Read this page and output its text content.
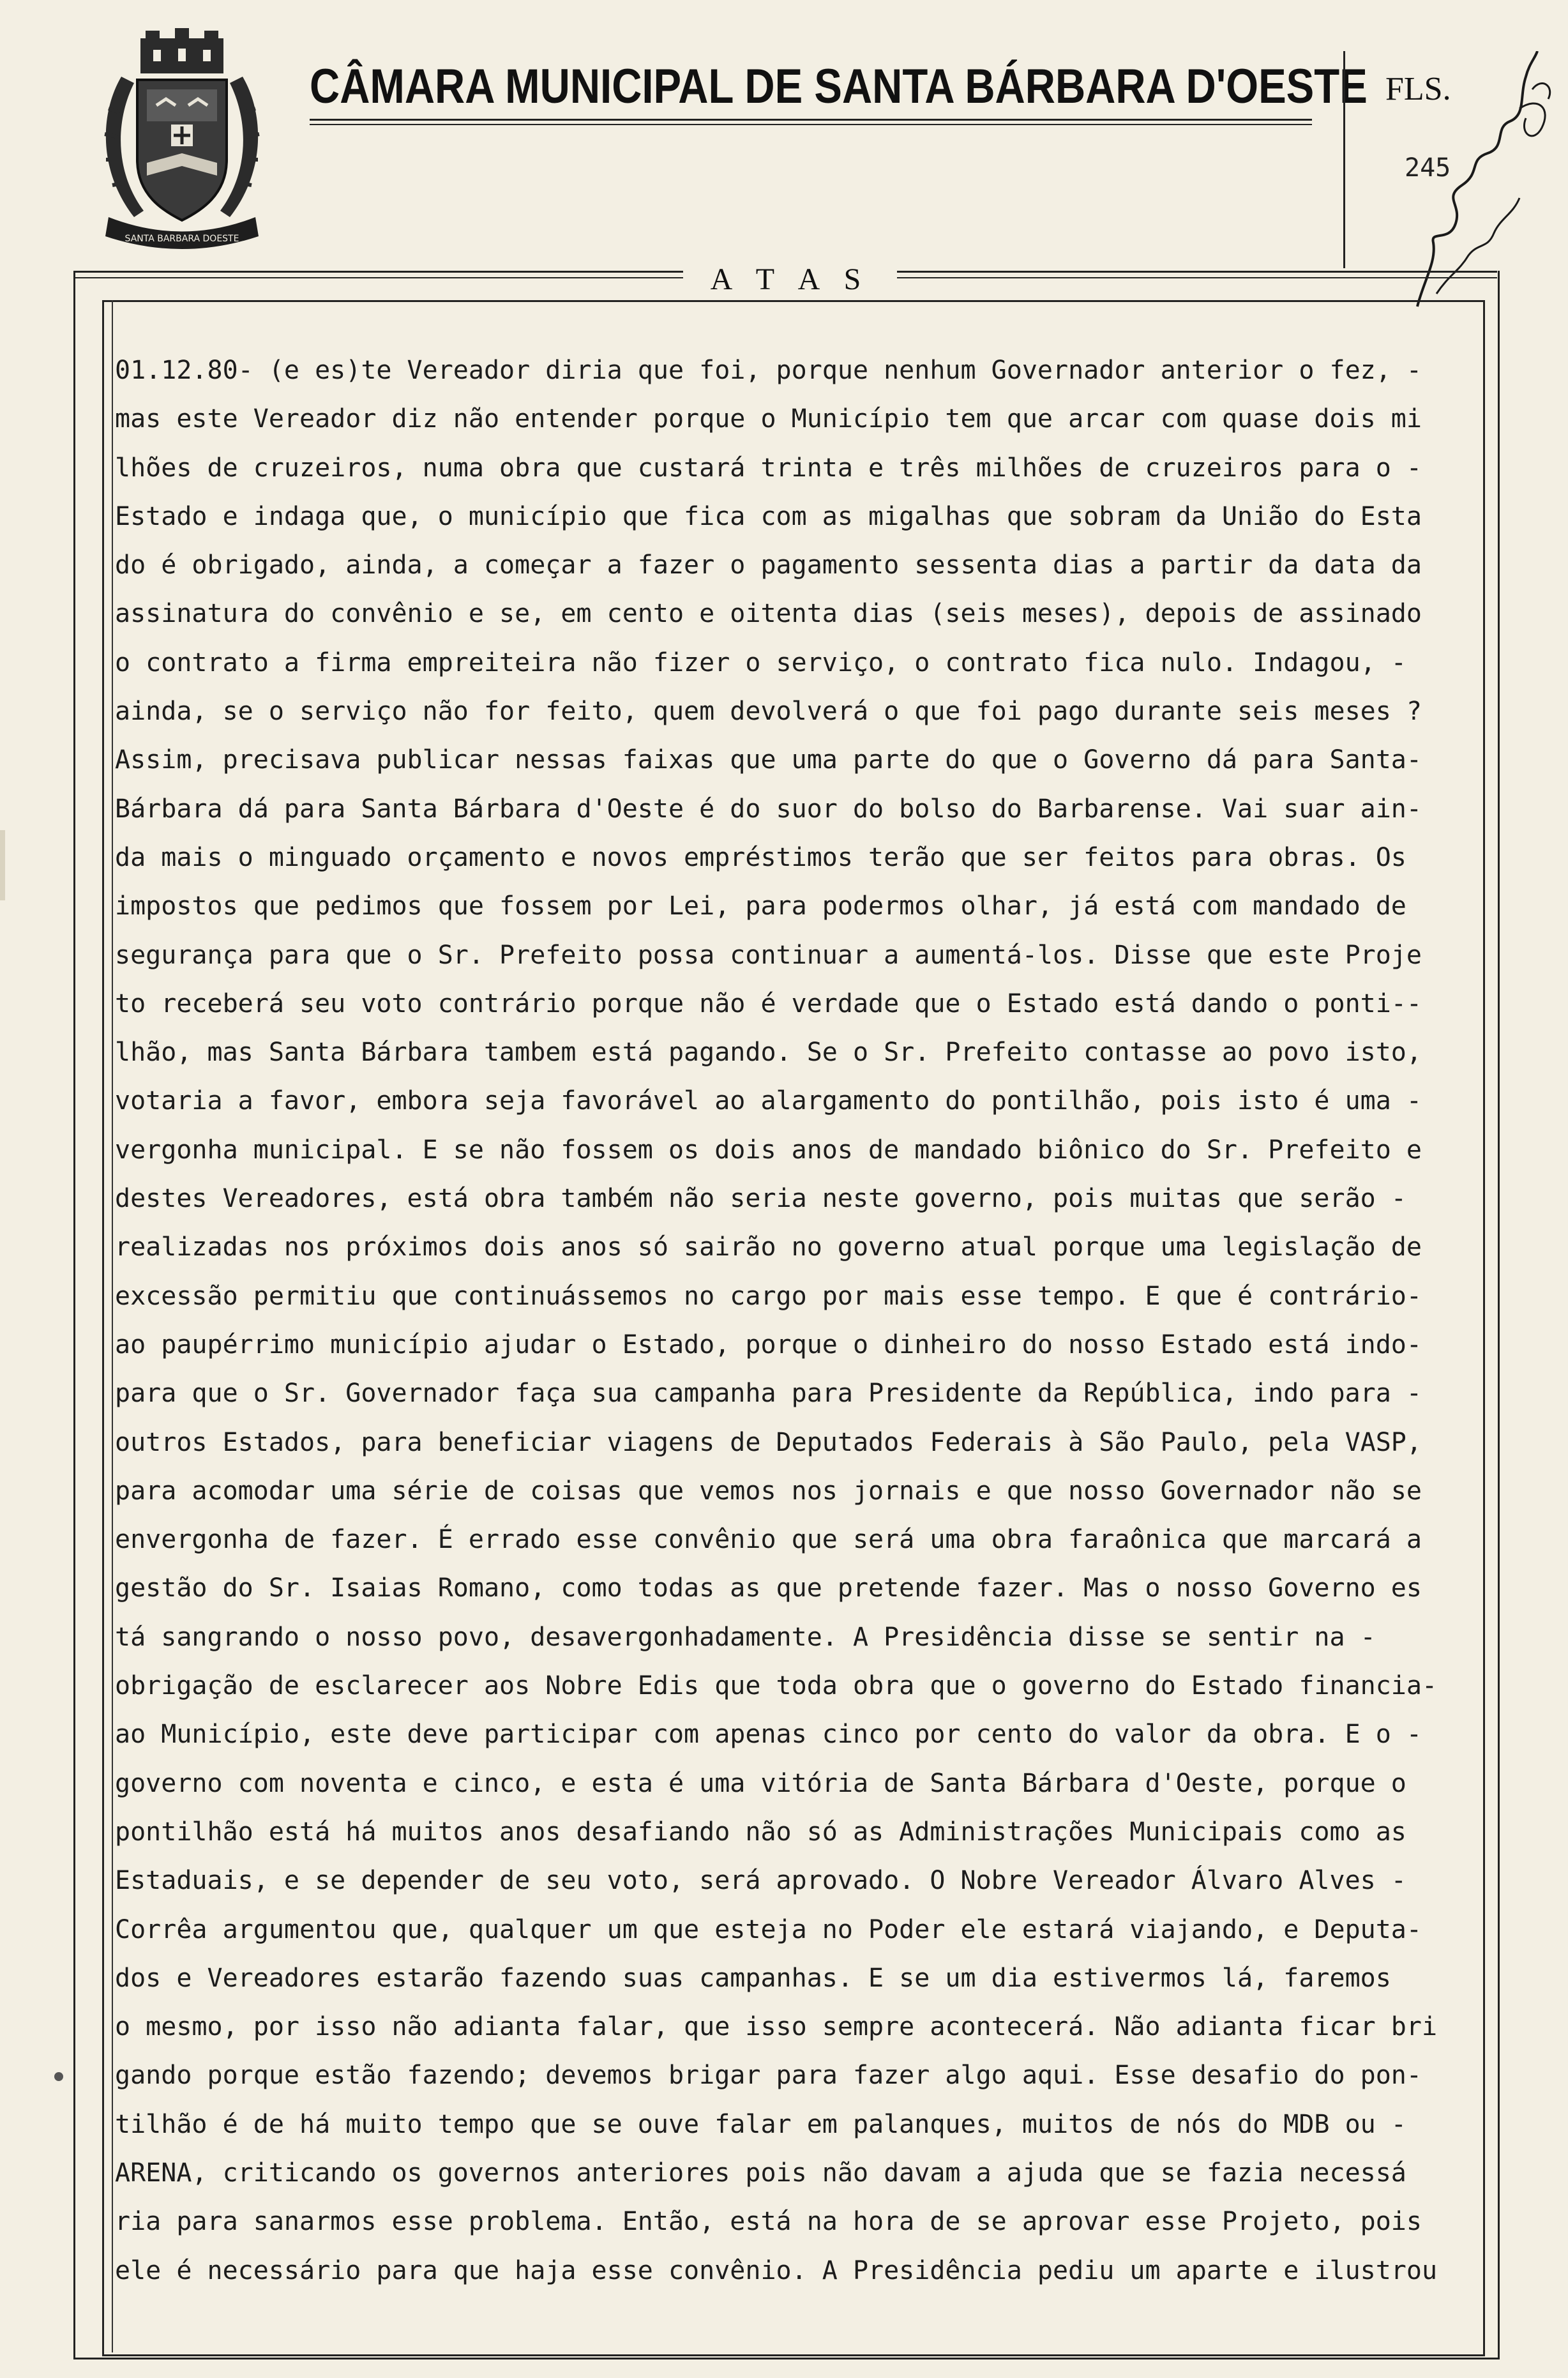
SANTA BARBARA DOESTE
CÂMARA MUNICIPAL DE SANTA BÁRBARA D'OESTE FLS.
245
A T A S
01.12.80- (e es)te Vereador diria que foi, porque nenhum Governador anterior o fez, -
mas este Vereador diz não entender porque o Município tem que arcar com quase dois mi
lhões de cruzeiros, numa obra que custará trinta e três milhões de cruzeiros para o -
Estado e indaga que, o município que fica com as migalhas que sobram da União do Esta
do é obrigado, ainda, a começar a fazer o pagamento sessenta dias a partir da data da
assinatura do convênio e se, em cento e oitenta dias (seis meses), depois de assinado
o contrato a firma empreiteira não fizer o serviço, o contrato fica nulo. Indagou, -
ainda, se o serviço não for feito, quem devolverá o que foi pago durante seis meses ?
Assim, precisava publicar nessas faixas que uma parte do que o Governo dá para Santa-
Bárbara dá para Santa Bárbara d'Oeste é do suor do bolso do Barbarense. Vai suar ain-
da mais o minguado orçamento e novos empréstimos terão que ser feitos para obras. Os
impostos que pedimos que fossem por Lei, para podermos olhar, já está com mandado de
segurança para que o Sr. Prefeito possa continuar a aumentá-los. Disse que este Proje
to receberá seu voto contrário porque não é verdade que o Estado está dando o ponti--
lhão, mas Santa Bárbara tambem está pagando. Se o Sr. Prefeito contasse ao povo isto,
votaria a favor, embora seja favorável ao alargamento do pontilhão, pois isto é uma -
vergonha municipal. E se não fossem os dois anos de mandado biônico do Sr. Prefeito e
destes Vereadores, está obra também não seria neste governo, pois muitas que serão -
realizadas nos próximos dois anos só sairão no governo atual porque uma legislação de
excessão permitiu que continuássemos no cargo por mais esse tempo. E que é contrário-
ao paupérrimo município ajudar o Estado, porque o dinheiro do nosso Estado está indo-
para que o Sr. Governador faça sua campanha para Presidente da República, indo para -
outros Estados, para beneficiar viagens de Deputados Federais à São Paulo, pela VASP,
para acomodar uma série de coisas que vemos nos jornais e que nosso Governador não se
envergonha de fazer. É errado esse convênio que será uma obra faraônica que marcará a
gestão do Sr. Isaias Romano, como todas as que pretende fazer. Mas o nosso Governo es
tá sangrando o nosso povo, desavergonhadamente. A Presidência disse se sentir na -
obrigação de esclarecer aos Nobre Edis que toda obra que o governo do Estado financia-
ao Município, este deve participar com apenas cinco por cento do valor da obra. E o -
governo com noventa e cinco, e esta é uma vitória de Santa Bárbara d'Oeste, porque o
pontilhão está há muitos anos desafiando não só as Administrações Municipais como as
Estaduais, e se depender de seu voto, será aprovado. O Nobre Vereador Álvaro Alves -
Corrêa argumentou que, qualquer um que esteja no Poder ele estará viajando, e Deputa-
dos e Vereadores estarão fazendo suas campanhas. E se um dia estivermos lá, faremos
o mesmo, por isso não adianta falar, que isso sempre acontecerá. Não adianta ficar bri
gando porque estão fazendo; devemos brigar para fazer algo aqui. Esse desafio do pon-
tilhão é de há muito tempo que se ouve falar em palanques, muitos de nós do MDB ou -
ARENA, criticando os governos anteriores pois não davam a ajuda que se fazia necessá
ria para sanarmos esse problema. Então, está na hora de se aprovar esse Projeto, pois
ele é necessário para que haja esse convênio. A Presidência pediu um aparte e ilustrou
